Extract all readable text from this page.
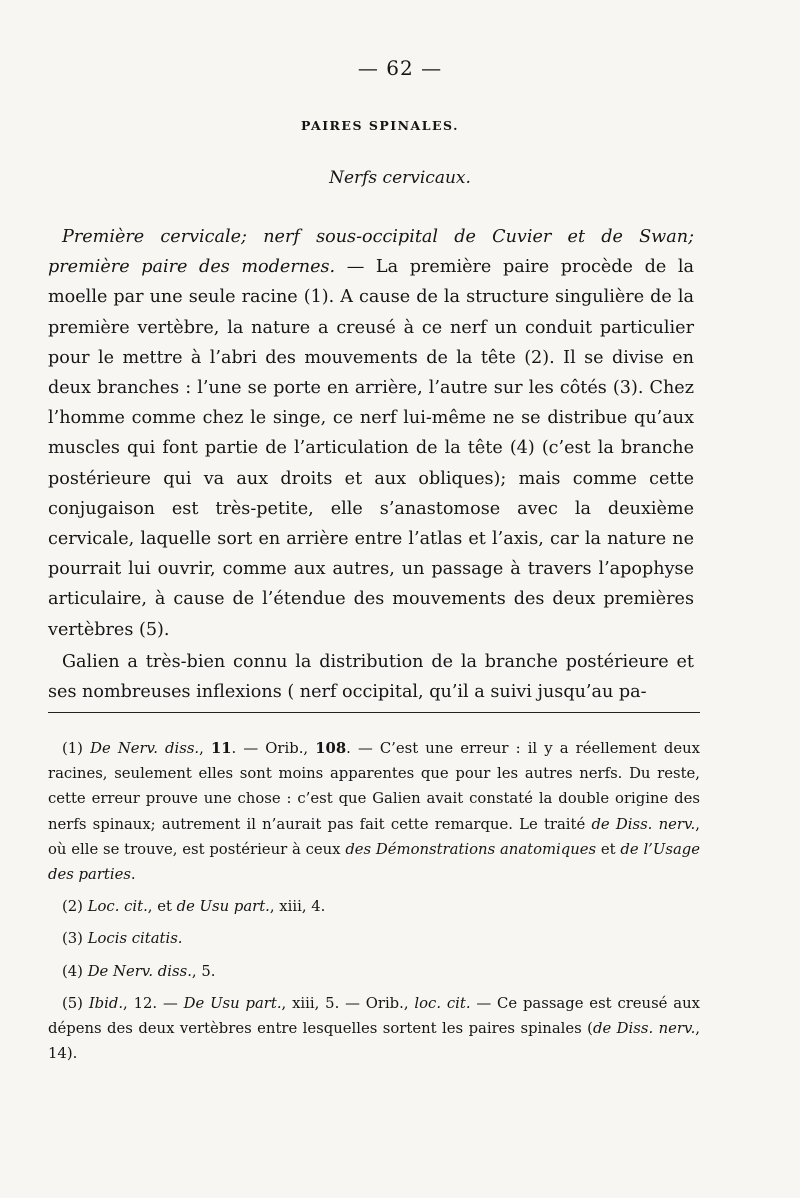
— 62 —
PAIRES SPINALES.
Nerfs cervicaux.

Première cervicale; nerf sous-occipital de Cuvier et de Swan; première paire des modernes. — La première paire procède de la moelle par une seule racine (1). A cause de la structure singulière de la première vertèbre, la nature a creusé à ce nerf un conduit particulier pour le mettre à l’abri des mouvements de la tête (2). Il se divise en deux branches : l’une se porte en arrière, l’autre sur les côtés (3). Chez l’homme comme chez le singe, ce nerf lui-même ne se distribue qu’aux muscles qui font partie de l’articulation de la tête (4) (c’est la branche postérieure qui va aux droits et aux obliques); mais comme cette conjugaison est très-petite, elle s’anastomose avec la deuxième cervicale, laquelle sort en arrière entre l’atlas et l’axis, car la nature ne pourrait lui ouvrir, comme aux autres, un passage à travers l’apophyse articulaire, à cause de l’étendue des mouvements des deux premières vertèbres (5).

Galien a très-bien connu la distribution de la branche postérieure et ses nombreuses inflexions ( nerf occipital, qu’il a suivi jusqu’au pa-

(1) De Nerv. diss., 11. — Orib., 108. — C’est une erreur : il y a réellement deux racines, seulement elles sont moins apparentes que pour les autres nerfs. Du reste, cette erreur prouve une chose : c’est que Galien avait constaté la double origine des nerfs spinaux; autrement il n’aurait pas fait cette remarque. Le traité de Diss. nerv., où elle se trouve, est postérieur à ceux des Démonstrations anatomiques et de l’Usage des parties.

(2) Loc. cit., et de Usu part., xiii, 4.

(3) Locis citatis.

(4) De Nerv. diss., 5.

(5) Ibid., 12. — De Usu part., xiii, 5. — Orib., loc. cit. — Ce passage est creusé aux dépens des deux vertèbres entre lesquelles sortent les paires spinales (de Diss. nerv., 14).
